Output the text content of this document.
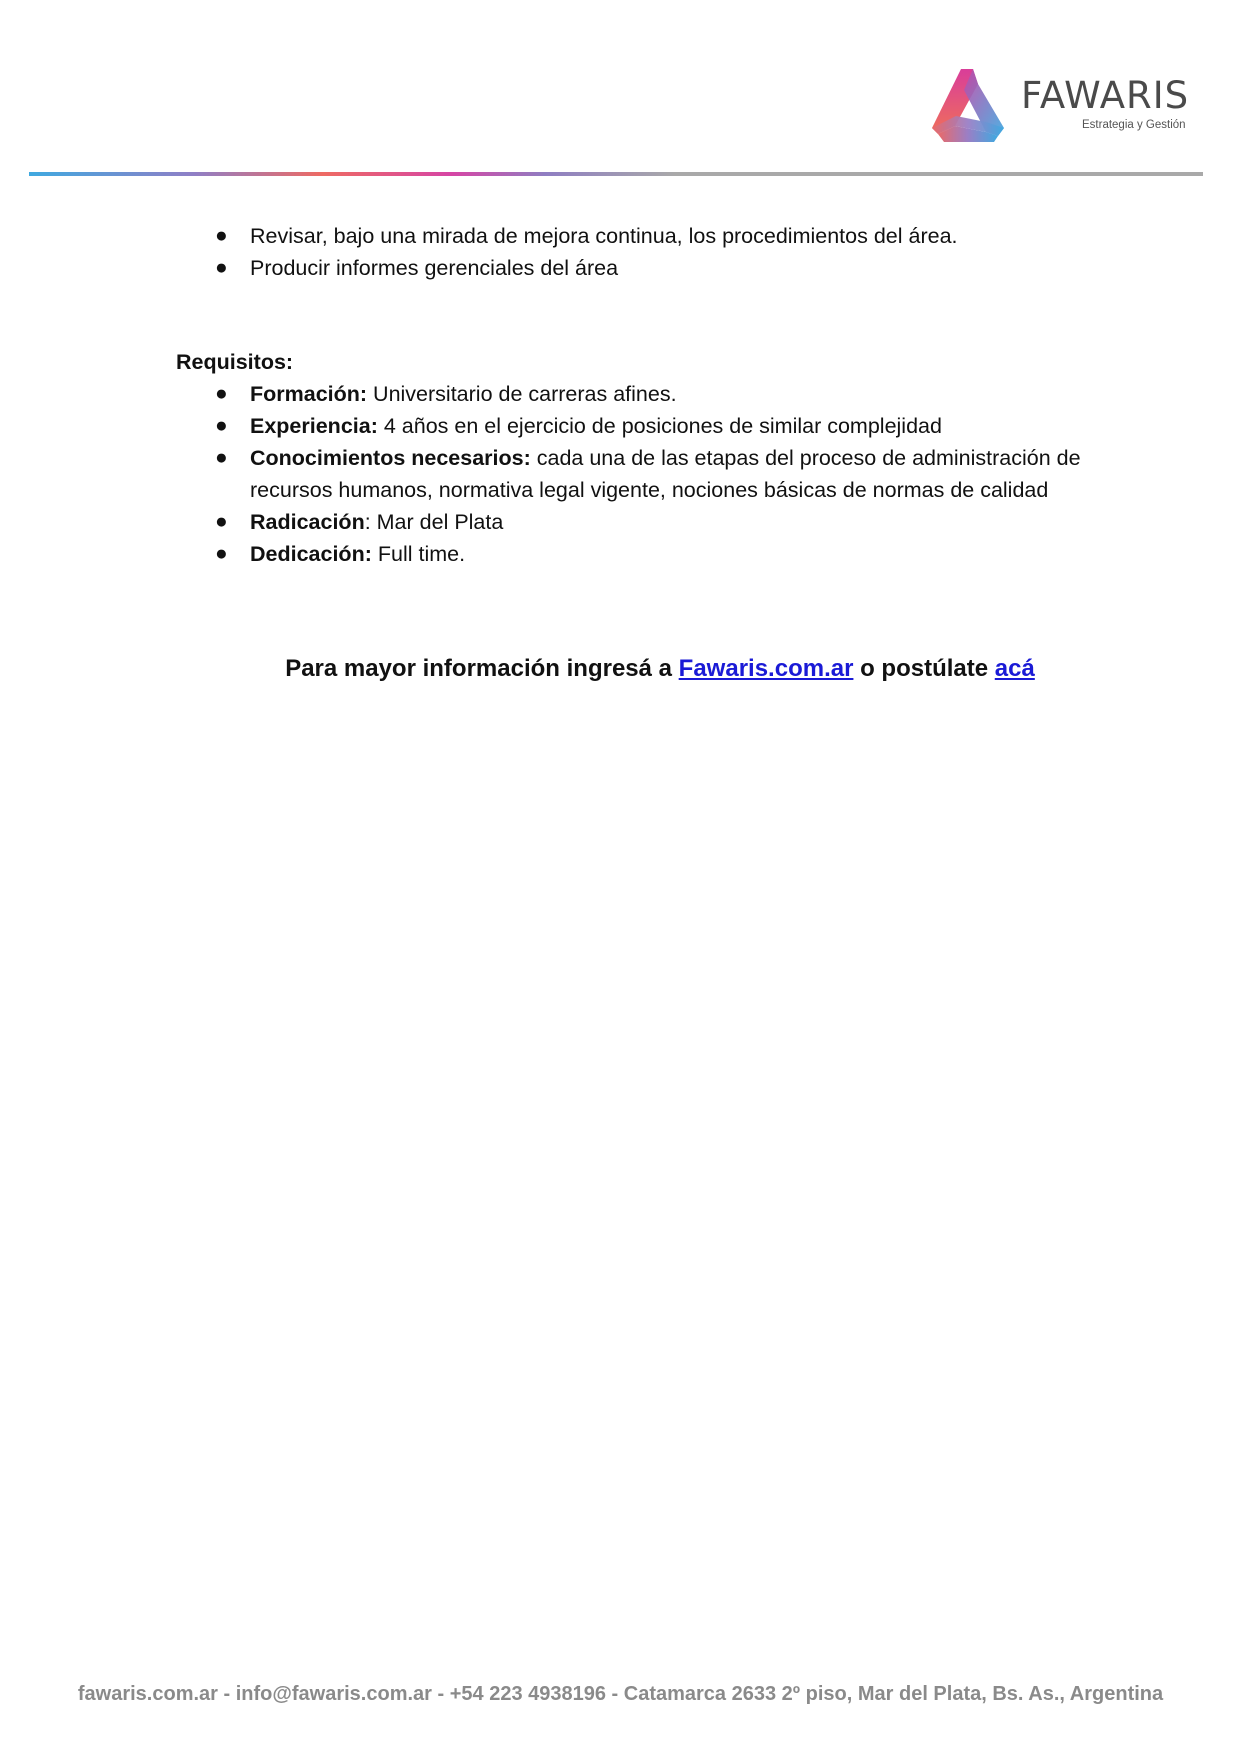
FAWARIS
Estrategia y Gestión
● Revisar, bajo una mirada de mejora continua, los procedimientos del área.
● Producir informes gerenciales del área
Requisitos:
● Formación: Universitario de carreras afines.
● Experiencia: 4 años en el ejercicio de posiciones de similar complejidad
● Conocimientos necesarios: cada una de las etapas del proceso de administración de recursos humanos, normativa legal vigente, nociones básicas de normas de calidad
● Radicación: Mar del Plata
● Dedicación: Full time.
Para mayor información ingresá a Fawaris.com.ar o postúlate acá
fawaris.com.ar - info@fawaris.com.ar - +54 223 4938196 - Catamarca 2633 2º piso, Mar del Plata, Bs. As., Argentina
